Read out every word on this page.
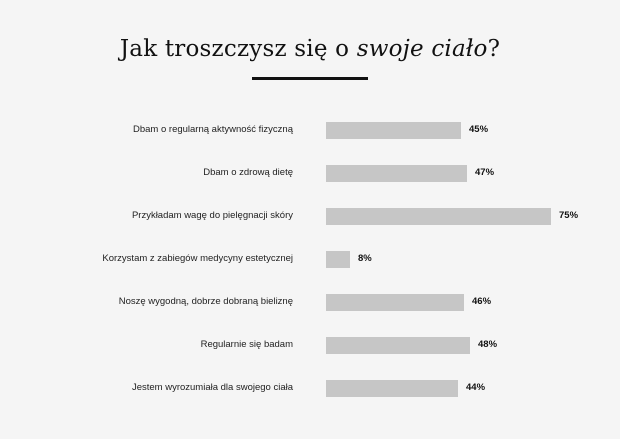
Jak troszczysz się o swoje ciało?
Dbam o regularną aktywność fizyczną	45%
Dbam o zdrową dietę	47%
Przykładam wagę do pielęgnacji skóry	75%
Korzystam z zabiegów medycyny estetycznej	8%
Noszę wygodną, dobrze dobraną bieliznę	46%
Regularnie się badam	48%
Jestem wyrozumiała dla swojego ciała	44%
